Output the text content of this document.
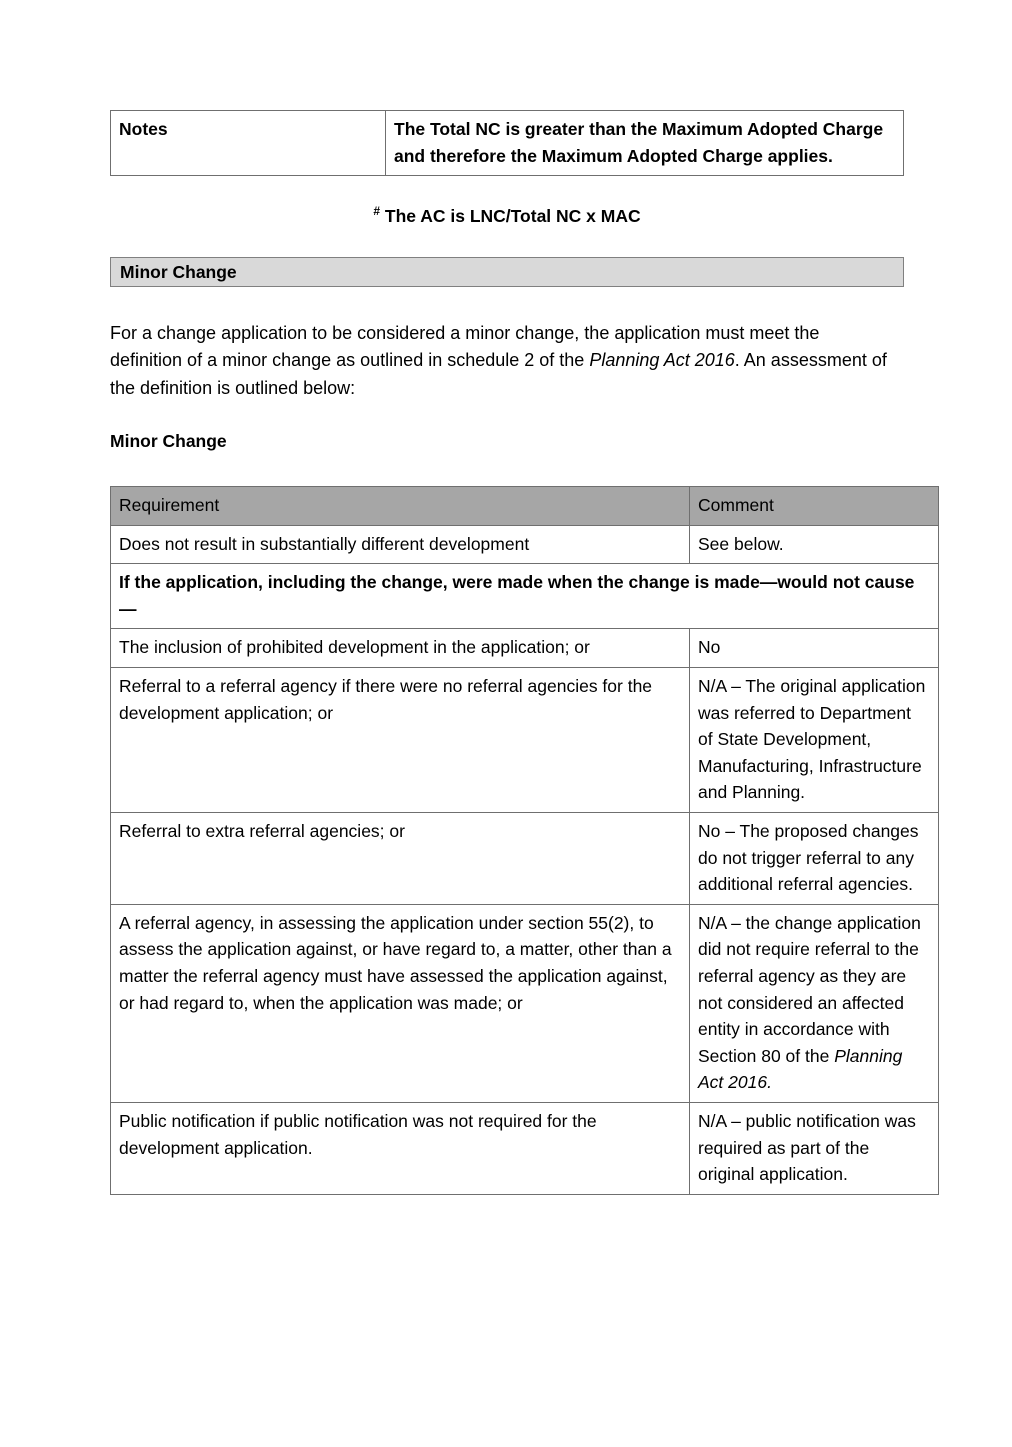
Notes	The Total NC is greater than the Maximum Adopted Charge and therefore the Maximum Adopted Charge applies.

# The AC is LNC/Total NC x MAC

Minor Change

For a change application to be considered a minor change, the application must meet the definition of a minor change as outlined in schedule 2 of the Planning Act 2016. An assessment of the definition is outlined below:

Minor Change

Requirement	Comment
Does not result in substantially different development	See below.
If the application, including the change, were made when the change is made—would not cause—	
The inclusion of prohibited development in the application; or	No
Referral to a referral agency if there were no referral agencies for the development application; or	N/A – The original application was referred to Department of State Development, Manufacturing, Infrastructure and Planning.
Referral to extra referral agencies; or	No – The proposed changes do not trigger referral to any additional referral agencies.
A referral agency, in assessing the application under section 55(2), to assess the application against, or have regard to, a matter, other than a matter the referral agency must have assessed the application against, or had regard to, when the application was made; or	N/A – the change application did not require referral to the referral agency as they are not considered an affected entity in accordance with Section 80 of the Planning Act 2016.
Public notification if public notification was not required for the development application.	N/A – public notification was required as part of the original application.
